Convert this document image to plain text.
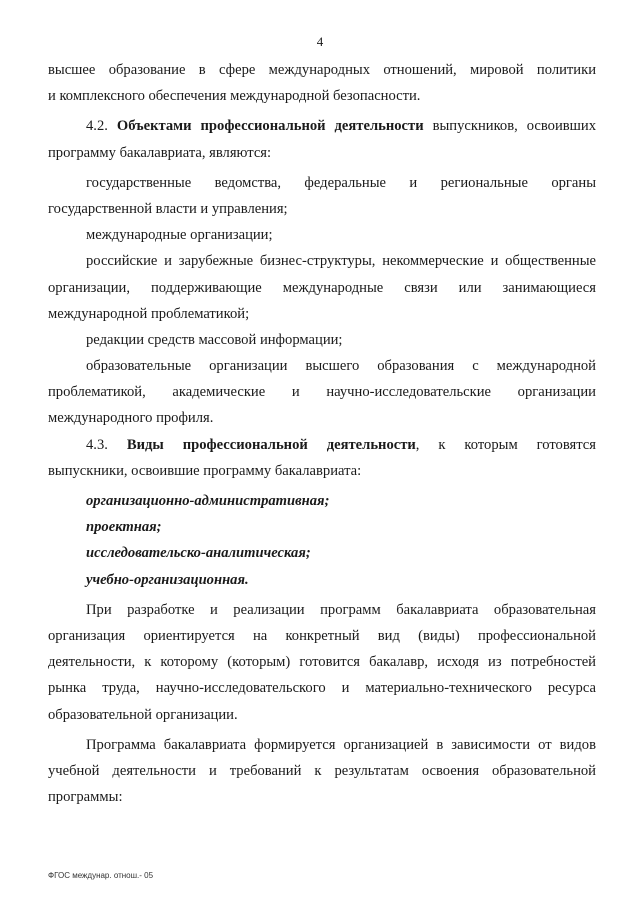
4
высшее образование в сфере международных отношений, мировой политики
и комплексного обеспечения международной безопасности.
4.2. Объектами профессиональной деятельности выпускников, освоивших
программу бакалавриата, являются:
государственные ведомства, федеральные и региональные органы
государственной власти и управления;
международные организации;
российские и зарубежные бизнес-структуры, некоммерческие и общественные
организации, поддерживающие международные связи или занимающиеся
международной проблематикой;
редакции средств массовой информации;
образовательные организации высшего образования с международной
проблематикой, академические и научно-исследовательские организации
международного профиля.
4.3. Виды профессиональной деятельности, к которым готовятся
выпускники, освоившие программу бакалавриата:
организационно-административная;
проектная;
исследовательско-аналитическая;
учебно-организационная.
При разработке и реализации программ бакалавриата образовательная
организация ориентируется на конкретный вид (виды) профессиональной
деятельности, к которому (которым) готовится бакалавр, исходя из потребностей
рынка труда, научно-исследовательского и материально-технического ресурса
образовательной организации.
Программа бакалавриата формируется организацией в зависимости от видов
учебной деятельности и требований к результатам освоения образовательной
программы:
ФГОС междунар. отнош.- 05
